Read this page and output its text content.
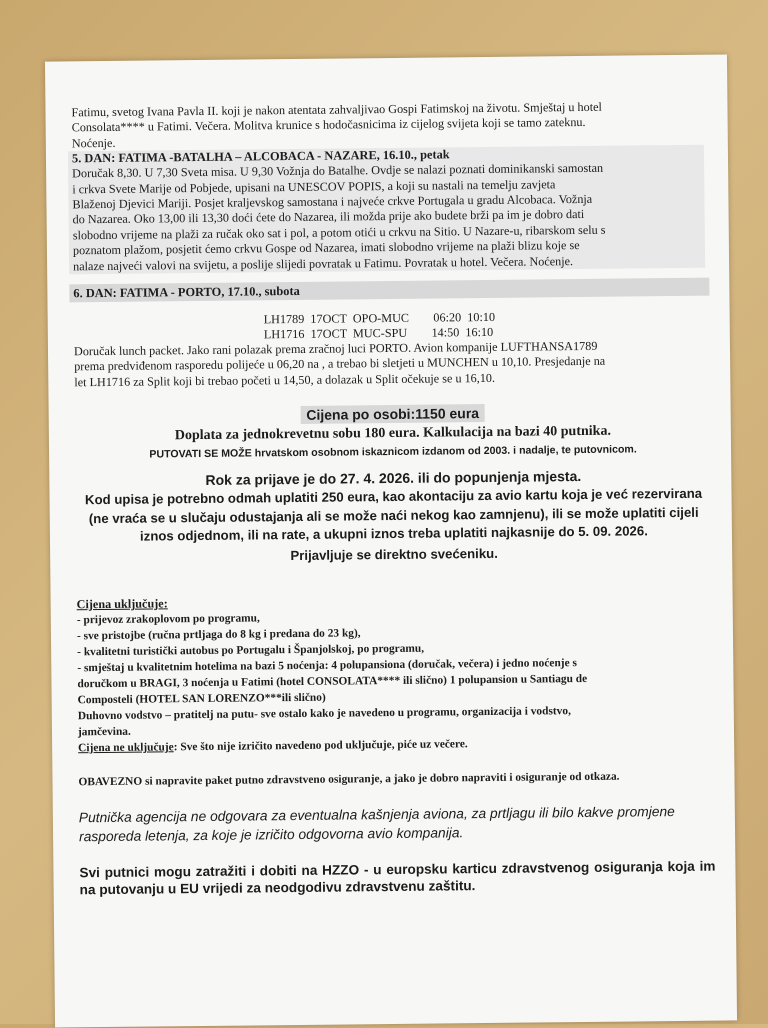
Fatimu, svetog Ivana Pavla II. koji je nakon atentata zahvaljivao Gospi Fatimskoj na životu. Smještaj u hotel

Consolata**** u Fatimi. Večera. Molitva krunice s hodočasnicima iz cijelog svijeta koji se tamo zateknu.

Noćenje.

5. DAN: FATIMA -BATALHA – ALCOBACA - NAZARE, 16.10., petak

Doručak 8,30. U 7,30 Sveta misa. U 9,30 Vožnja do Batalhe. Ovdje se nalazi poznati dominikanski samostan

i crkva Svete Marije od Pobjede, upisani na UNESCOV POPIS, a koji su nastali na temelju zavjeta

Blaženoj Djevici Mariji. Posjet kraljevskog samostana i najveće crkve Portugala u gradu Alcobaca. Vožnja

do Nazarea. Oko 13,00 ili 13,30 doći ćete do Nazarea, ili možda prije ako budete brži pa im je dobro dati

slobodno vrijeme na plaži za ručak oko sat i pol, a potom otići u crkvu na Sitio. U Nazare-u, ribarskom selu s

poznatom plažom, posjetit ćemo crkvu Gospe od Nazarea, imati slobodno vrijeme na plaži blizu koje se

nalaze najveći valovi na svijetu, a poslije slijedi povratak u Fatimu. Povratak u hotel. Večera. Noćenje.

6. DAN: FATIMA - PORTO, 17.10., subota

LH1789  17OCT  OPO-MUC        06:20  10:10
LH1716  17OCT  MUC-SPU        14:50  16:10

Doručak lunch packet. Jako rani polazak prema zračnoj luci PORTO. Avion kompanije LUFTHANSA1789

prema predviđenom rasporedu polijeće u 06,20 na , a trebao bi sletjeti u MUNCHEN u 10,10. Presjedanje na

let LH1716 za Split koji bi trebao početi u 14,50, a dolazak u Split očekuje se u 16,10.

Cijena po osobi:1150 eura
Doplata za jednokrevetnu sobu 180 eura. Kalkulacija na bazi 40 putnika.
PUTOVATI SE MOŽE hrvatskom osobnom iskaznicom izdanom od 2003. i nadalje, te putovnicom.
Rok za prijave je do 27. 4. 2026. ili do popunjenja mjesta.
Kod upisa je potrebno odmah uplatiti 250 eura, kao akontaciju za avio kartu koja je već rezervirana (ne vraća se u slučaju odustajanja ali se može naći nekog kao zamnjenu), ili se može uplatiti cijeli iznos odjednom, ili na rate, a ukupni iznos treba uplatiti najkasnije do 5. 09. 2026.
Prijavljuje se direktno svećeniku.
Cijena uključuje:

- prijevoz zrakoplovom po programu,

- sve pristojbe (ručna prtljaga do 8 kg i predana do 23 kg),

- kvalitetni turistički autobus po Portugalu i Španjolskoj, po programu,

- smještaj u kvalitetnim hotelima na bazi 5 noćenja: 4 polupansiona (doručak, večera) i jedno noćenje s

doručkom u BRAGI, 3 noćenja u Fatimi (hotel CONSOLATA**** ili slično) 1 polupansion u Santiagu de

Composteli (HOTEL SAN LORENZO***ili slično)

Duhovno vodstvo – pratitelj na putu- sve ostalo kako je navedeno u programu, organizacija i vodstvo,

jamčevina.

Cijena ne uključuje: Sve što nije izričito navedeno pod uključuje, piće uz večere.

OBAVEZNO si napravite paket putno zdravstveno osiguranje, a jako je dobro napraviti i osiguranje od otkaza.
Putnička agencija ne odgovara za eventualna kašnjenja aviona, za prtljagu ili bilo kakve promjene rasporeda letenja, za koje je izričito odgovorna avio kompanija.
Svi putnici mogu zatražiti i dobiti na HZZO - u europsku karticu zdravstvenog osiguranja koja im na putovanju u EU vrijedi za neodgodivu zdravstvenu zaštitu.
